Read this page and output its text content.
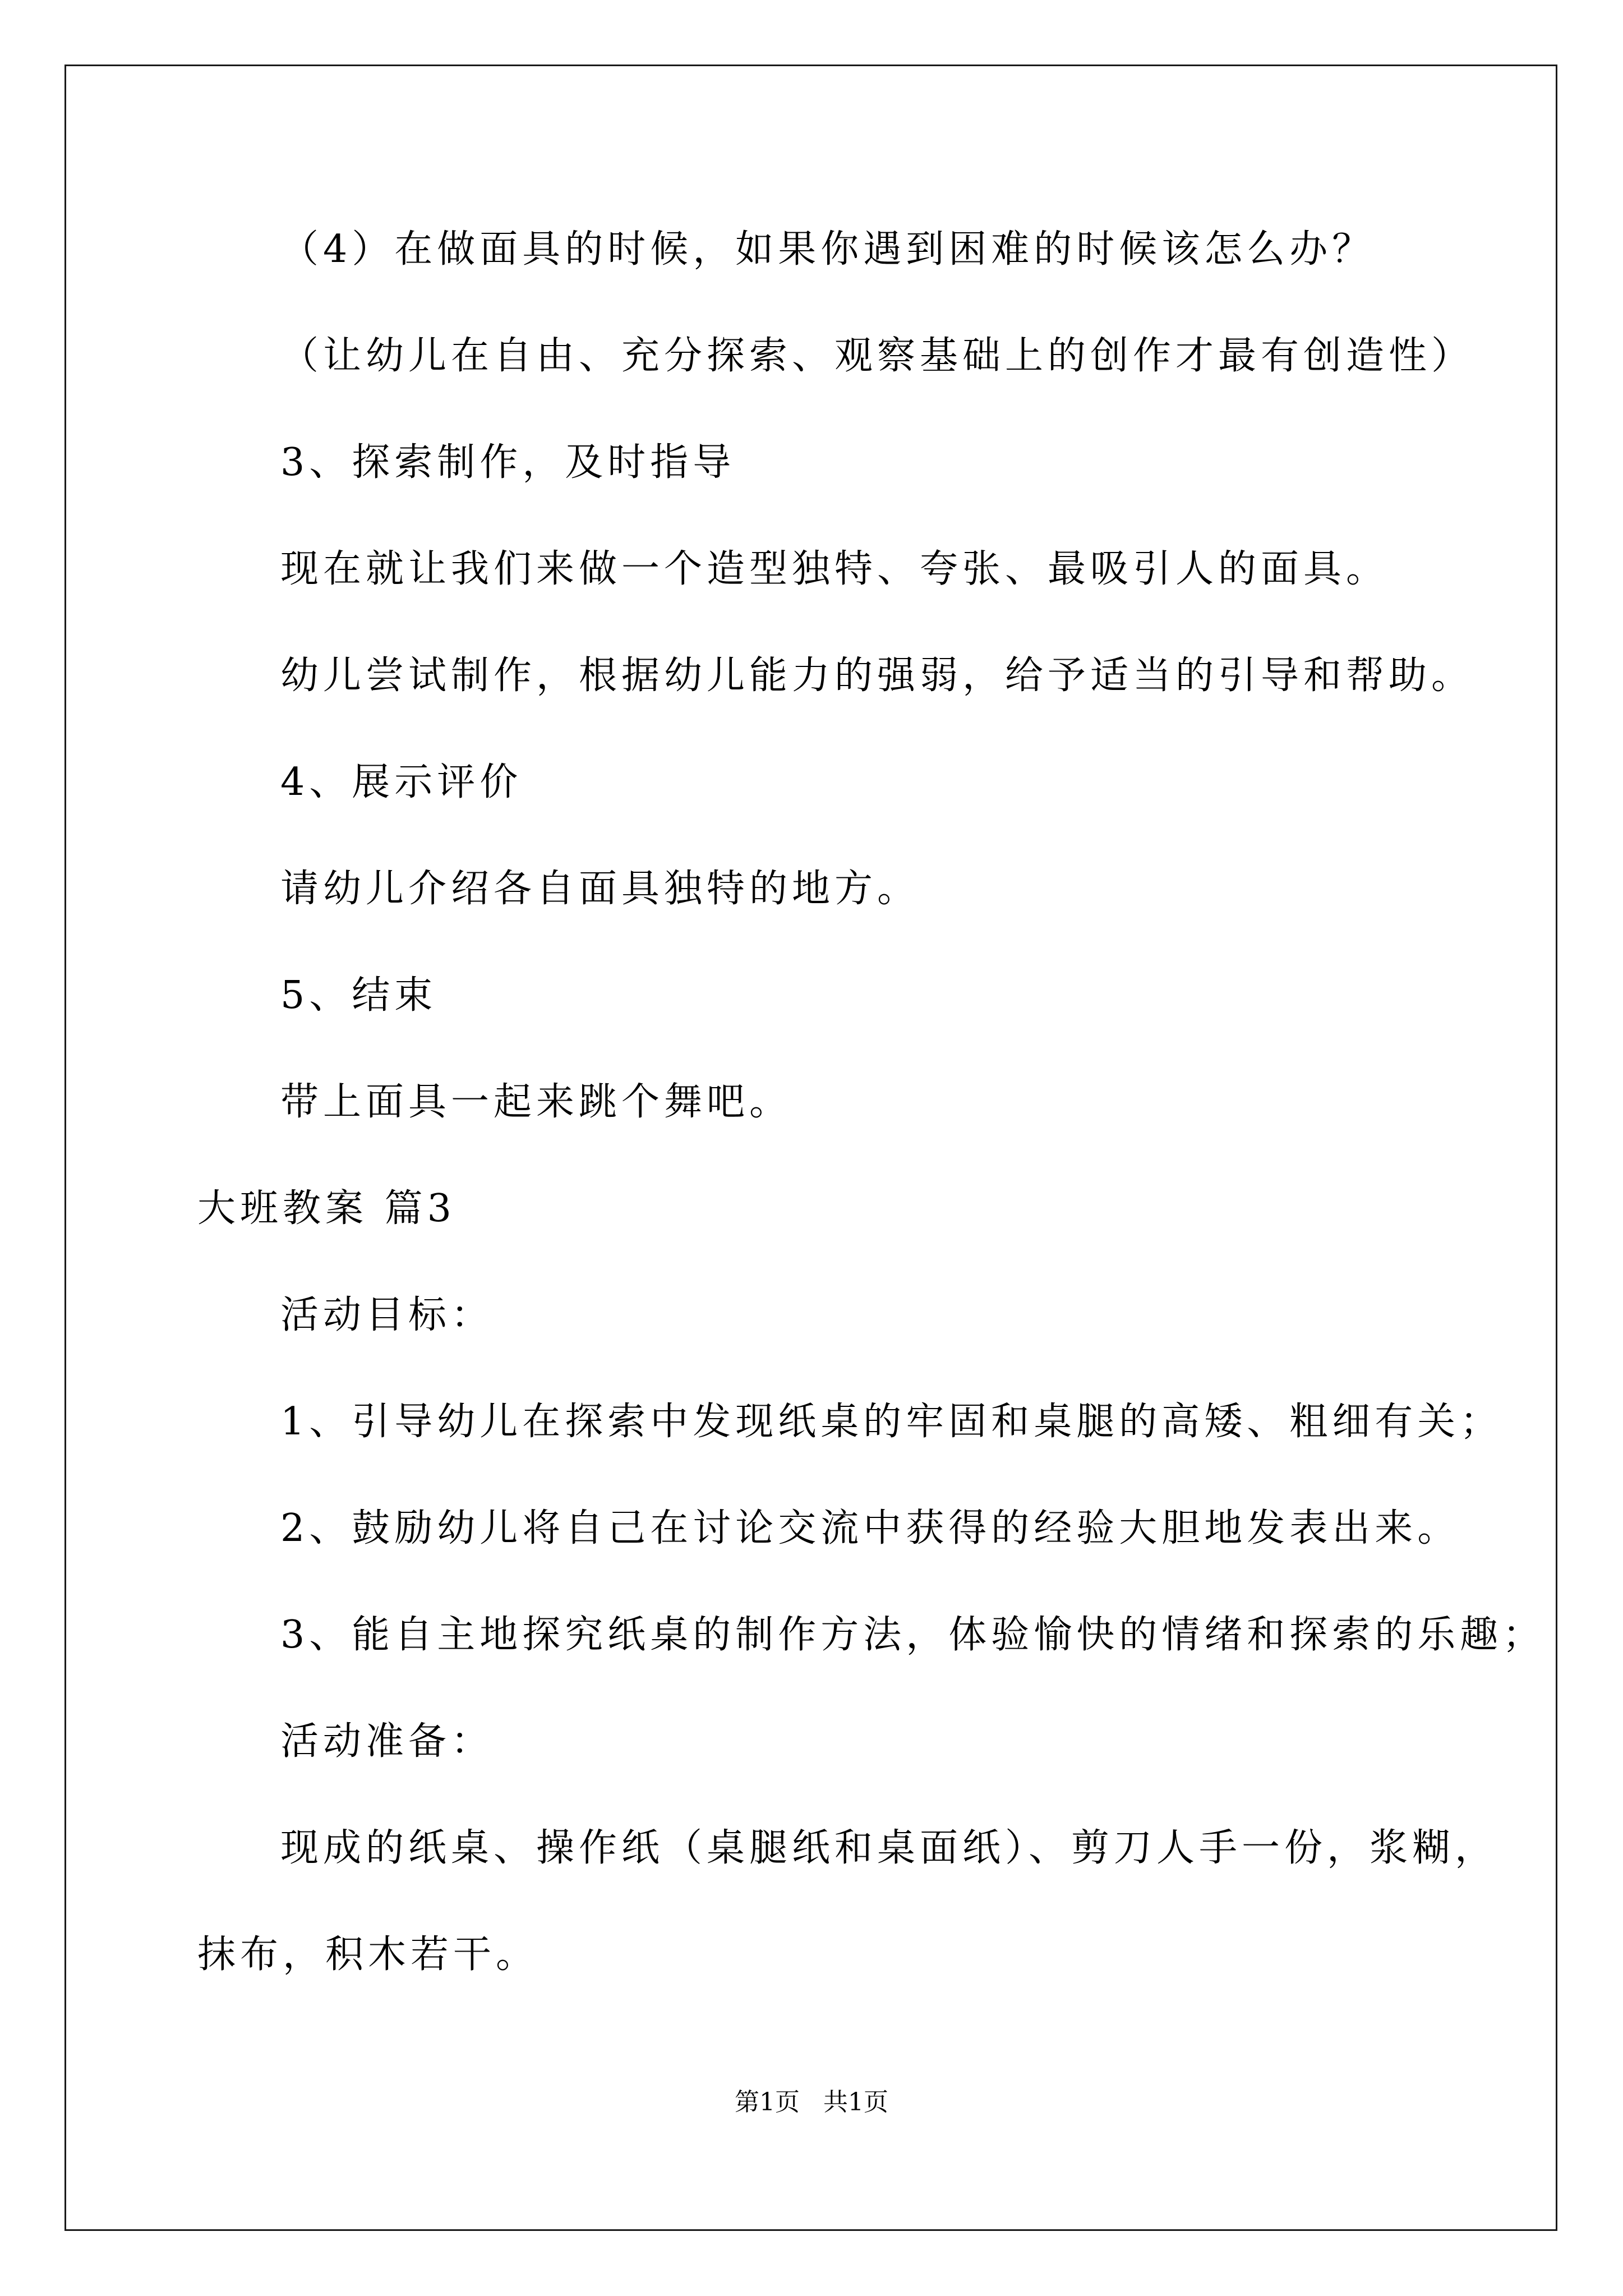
（4）在做面具的时候，如果你遇到困难的时候该怎么办？
（让幼儿在自由、充分探索、观察基础上的创作才最有创造性）
3、探索制作，及时指导
现在就让我们来做一个造型独特、夸张、最吸引人的面具。
幼儿尝试制作，根据幼儿能力的强弱，给予适当的引导和帮助。
4、展示评价
请幼儿介绍各自面具独特的地方。
5、结束
带上面具一起来跳个舞吧。
大班教案 篇3
活动目标：
1、引导幼儿在探索中发现纸桌的牢固和桌腿的高矮、粗细有关；
2、鼓励幼儿将自己在讨论交流中获得的经验大胆地发表出来。
3、能自主地探究纸桌的制作方法，体验愉快的情绪和探索的乐趣；
活动准备：
现成的纸桌、操作纸（桌腿纸和桌面纸）、剪刀人手一份，浆糊，
抹布，积木若干。
第1页   共1页
